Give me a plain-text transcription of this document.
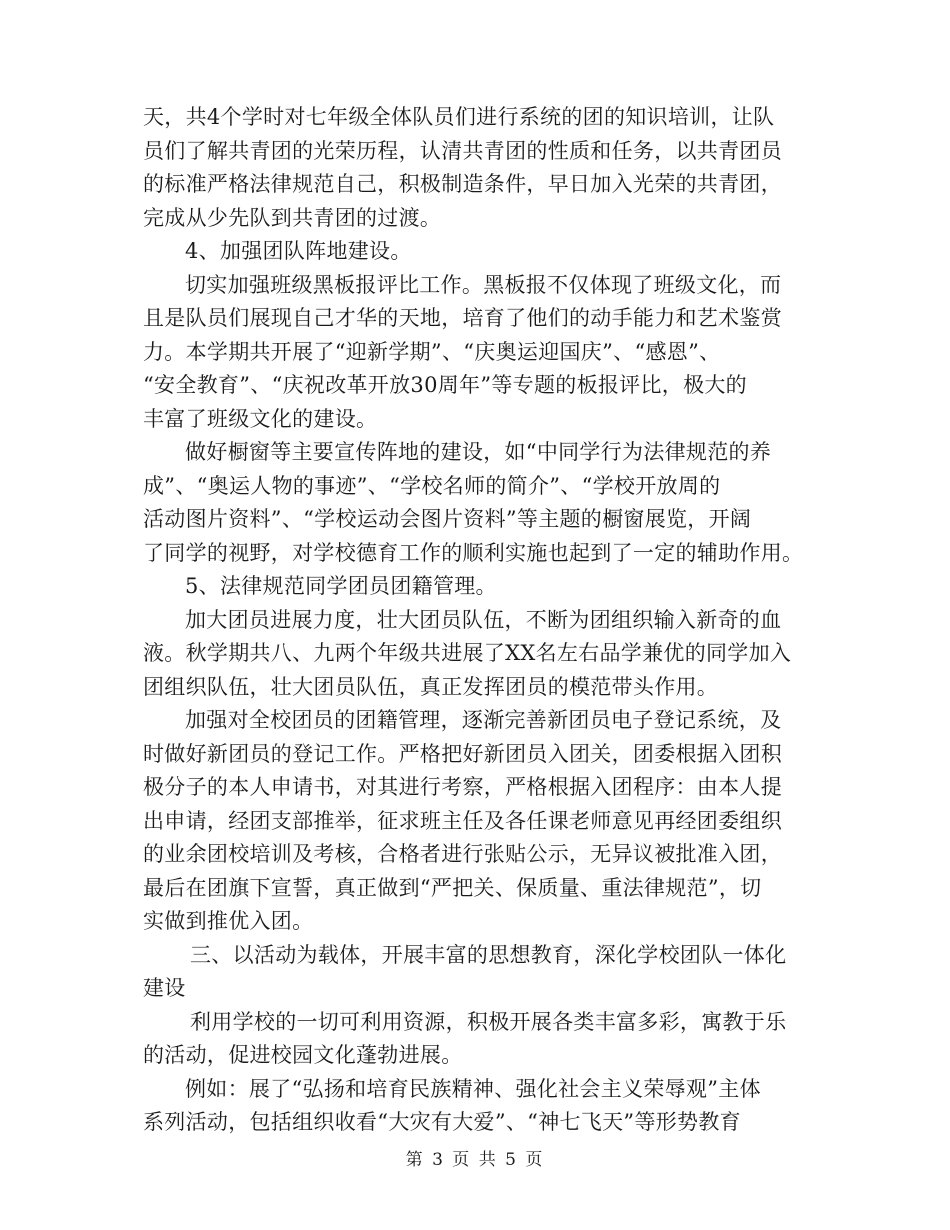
天，共4个学时对七年级全体队员们进行系统的团的知识培训，让队
员们了解共青团的光荣历程，认清共青团的性质和任务，以共青团员
的标准严格法律规范自己，积极制造条件，早日加入光荣的共青团，
完成从少先队到共青团的过渡。
4、加强团队阵地建设。
切实加强班级黑板报评比工作。黑板报不仅体现了班级文化，而
且是队员们展现自己才华的天地，培育了他们的动手能力和艺术鉴赏
力。本学期共开展了“迎新学期”、“庆奥运迎国庆”、“感恩”、
“安全教育”、“庆祝改革开放30周年”等专题的板报评比，极大的
丰富了班级文化的建设。
做好橱窗等主要宣传阵地的建设，如“中同学行为法律规范的养
成”、“奥运人物的事迹”、“学校名师的简介”、“学校开放周的
活动图片资料”、“学校运动会图片资料”等主题的橱窗展览，开阔
了同学的视野，对学校德育工作的顺利实施也起到了一定的辅助作用。
5、法律规范同学团员团籍管理。
加大团员进展力度，壮大团员队伍，不断为团组织输入新奇的血
液。秋学期共八、九两个年级共进展了XX名左右品学兼优的同学加入
团组织队伍，壮大团员队伍，真正发挥团员的模范带头作用。
加强对全校团员的团籍管理，逐渐完善新团员电子登记系统，及
时做好新团员的登记工作。严格把好新团员入团关，团委根据入团积
极分子的本人申请书，对其进行考察，严格根据入团程序：由本人提
出申请，经团支部推举，征求班主任及各任课老师意见再经团委组织
的业余团校培训及考核，合格者进行张贴公示，无异议被批准入团，
最后在团旗下宣誓，真正做到“严把关、保质量、重法律规范”，切
实做到推优入团。
三、以活动为载体，开展丰富的思想教育，深化学校团队一体化
建设
利用学校的一切可利用资源，积极开展各类丰富多彩，寓教于乐
的活动，促进校园文化蓬勃进展。
例如：展了“弘扬和培育民族精神、强化社会主义荣辱观”主体
系列活动，包括组织收看“大灾有大爱”、“神七飞天”等形势教育
第 3 页 共 5 页
